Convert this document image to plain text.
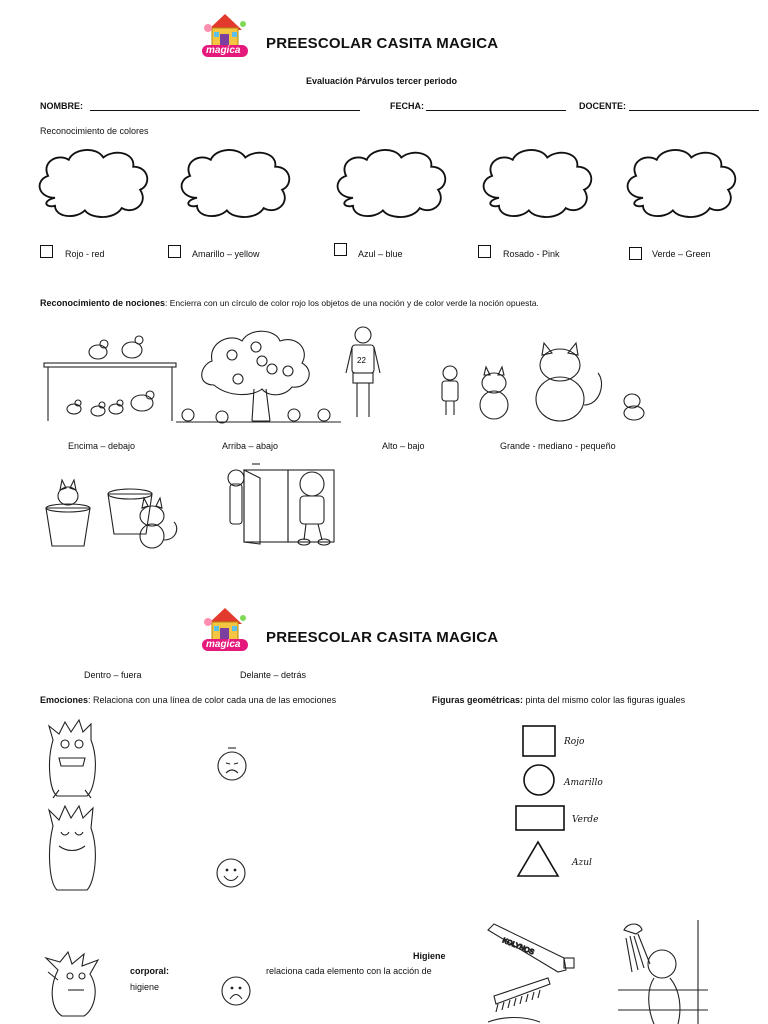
magica PREESCOLAR CASITA MAGICA
Evaluación Párvulos tercer periodo
NOMBRE:	FECHA:	DOCENTE:
Reconocimiento de colores
Rojo - red	Amarillo – yellow	Azul – blue	Rosado - Pink	Verde – Green
Reconocimiento de nociones: Encierra con un círculo de color rojo los objetos de una noción y de color verde la noción opuesta.
22
Encima – debajo	Arriba – abajo	Alto – bajo	Grande - mediano - pequeño
magica PREESCOLAR CASITA MAGICA
Dentro – fuera	Delante – detrás
Emociones: Relaciona con una línea de color cada una de las emociones	Figuras geométricas: pinta del mismo color las figuras iguales
Rojo
Amarillo
Verde
Azul
Higiene
corporal:
higiene
relaciona cada elemento con la acción de
KOLYNOS
